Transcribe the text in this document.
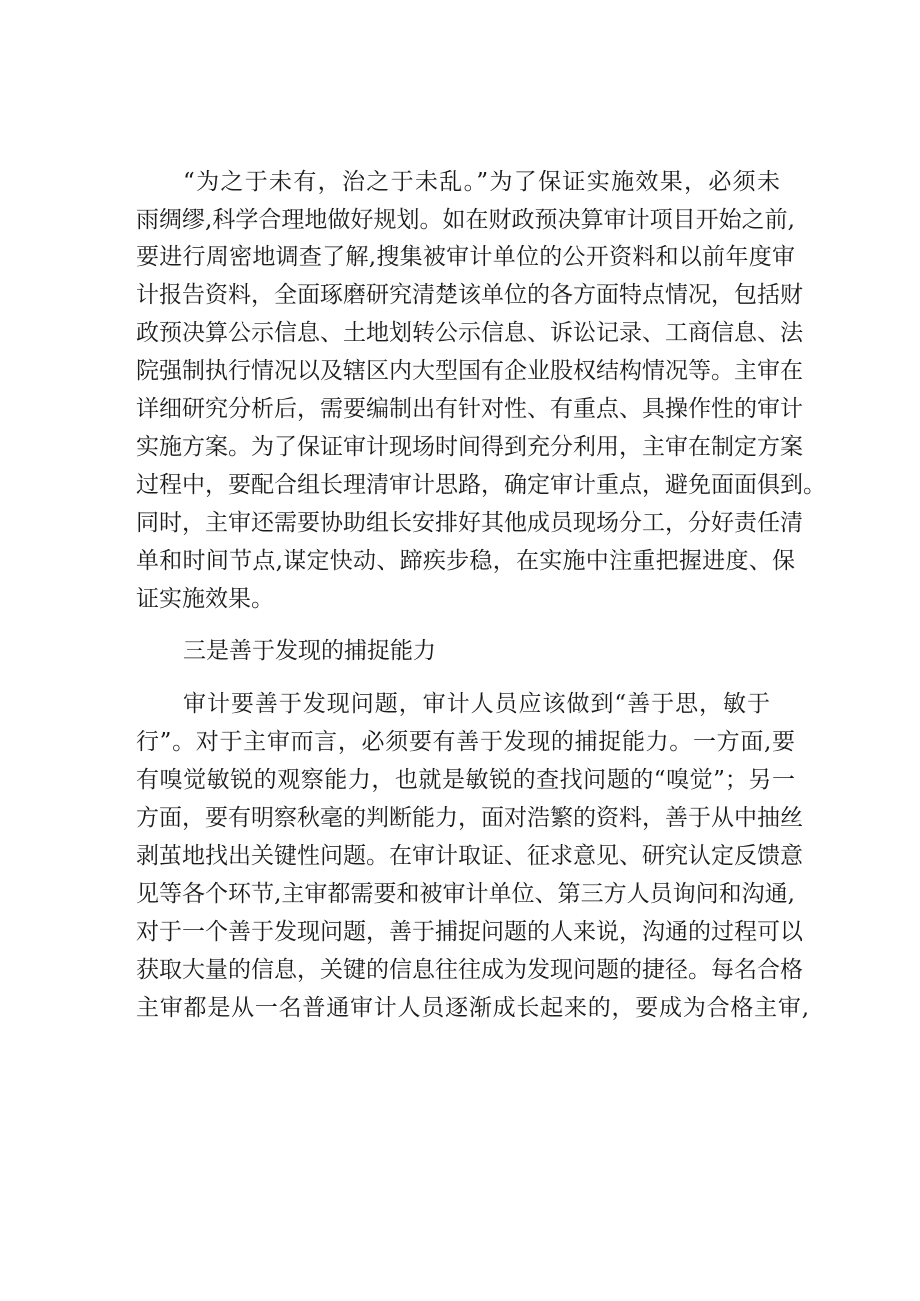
“为之于未有，治之于未乱。”为了保证实施效果，必须未
雨绸缪,科学合理地做好规划。如在财政预决算审计项目开始之前,
要进行周密地调查了解,搜集被审计单位的公开资料和以前年度审
计报告资料，全面琢磨研究清楚该单位的各方面特点情况，包括财
政预决算公示信息、土地划转公示信息、诉讼记录、工商信息、法
院强制执行情况以及辖区内大型国有企业股权结构情况等。主审在
详细研究分析后，需要编制出有针对性、有重点、具操作性的审计
实施方案。为了保证审计现场时间得到充分利用，主审在制定方案
过程中，要配合组长理清审计思路，确定审计重点，避免面面俱到。
同时，主审还需要协助组长安排好其他成员现场分工，分好责任清
单和时间节点,谋定快动、蹄疾步稳，在实施中注重把握进度、保
证实施效果。
三是善于发现的捕捉能力
审计要善于发现问题，审计人员应该做到“善于思，敏于
行”。对于主审而言，必须要有善于发现的捕捉能力。一方面,要
有嗅觉敏锐的观察能力，也就是敏锐的查找问题的“嗅觉”；另一
方面，要有明察秋毫的判断能力，面对浩繁的资料，善于从中抽丝
剥茧地找出关键性问题。在审计取证、征求意见、研究认定反馈意
见等各个环节,主审都需要和被审计单位、第三方人员询问和沟通,
对于一个善于发现问题，善于捕捉问题的人来说，沟通的过程可以
获取大量的信息，关键的信息往往成为发现问题的捷径。每名合格
主审都是从一名普通审计人员逐渐成长起来的，要成为合格主审,
